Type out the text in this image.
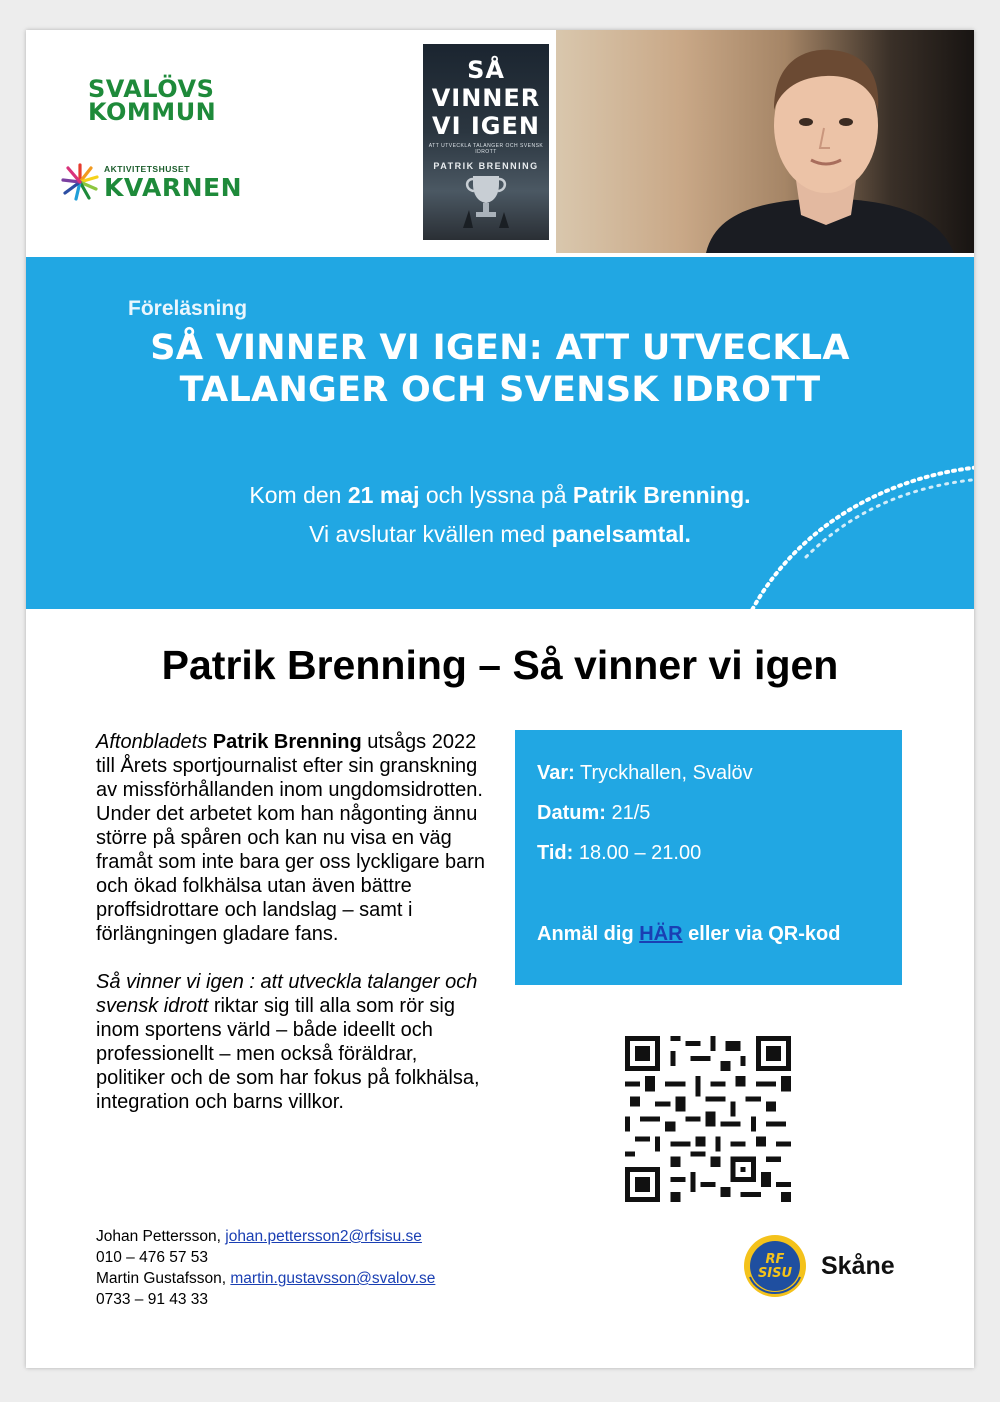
SVALÖVS
KOMMUN
AKTIVITETSHUSET
KVARNEN
SÅ
VINNER
VI IGEN
ATT UTVECKLA TALANGER OCH SVENSK IDROTT
PATRIK BRENNING
Föreläsning
SÅ VINNER VI IGEN: ATT UTVECKLA
TALANGER OCH SVENSK IDROTT
Kom den 21 maj och lyssna på Patrik Brenning.
Vi avslutar kvällen med panelsamtal.
Patrik Brenning – Så vinner vi igen

Aftonbladets Patrik Brenning utsågs 2022 till Årets sportjournalist efter sin granskning av missförhållanden inom ungdomsidrotten. Under det arbetet kom han någonting ännu större på spåren och kan nu visa en väg framåt som inte bara ger oss lyckligare barn och ökad folkhälsa utan även bättre proffsidrottare och landslag – samt i förlängningen gladare fans.

Så vinner vi igen : att utveckla talanger och svensk idrott riktar sig till alla som rör sig inom sportens värld – både ideellt och professionellt – men också föräldrar, politiker och de som har fokus på folkhälsa, integration och barns villkor.

Var: Tryckhallen, Svalöv
Datum: 21/5
Tid: 18.00 – 21.00
Anmäl dig HÄR eller via QR-kod
Johan Pettersson, johan.pettersson2@rfsisu.se
010 – 476 57 53
Martin Gustafsson, martin.gustavsson@svalov.se
0733 – 91 43 33
RF SISU Skåne
